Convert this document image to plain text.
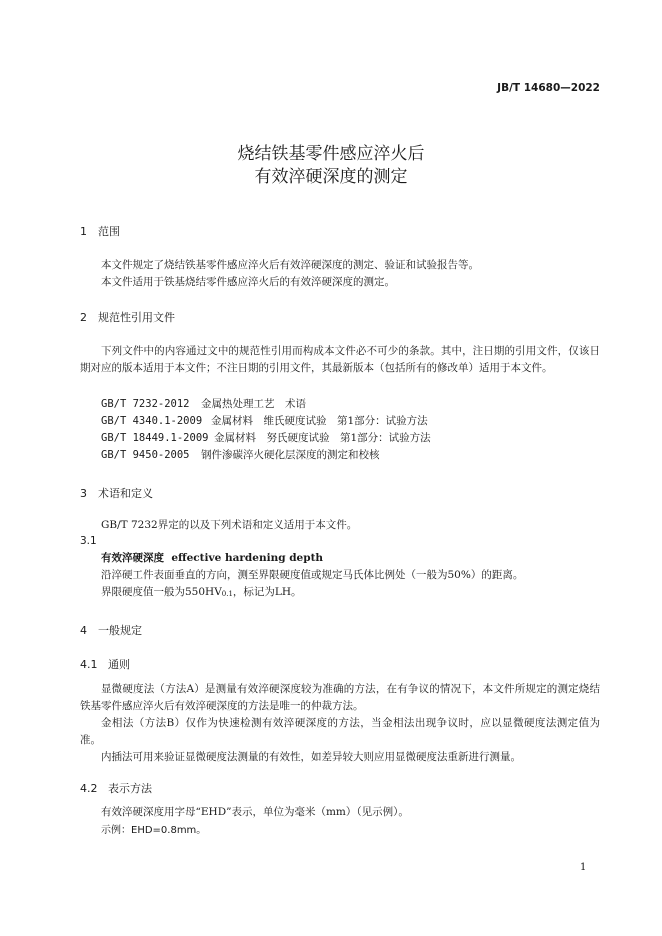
JB/T 14680—2022
烧结铁基零件感应淬火后
有效淬硬深度的测定
1 范围
本文件规定了烧结铁基零件感应淬火后有效淬硬深度的测定、验证和试验报告等。
本文件适用于铁基烧结零件感应淬火后的有效淬硬深度的测定。
2 规范性引用文件
下列文件中的内容通过文中的规范性引用而构成本文件必不可少的条款。其中，注日期的引用文件，仅该日期对应的版本适用于本文件；不注日期的引用文件，其最新版本（包括所有的修改单）适用于本文件。
GB/T 7232-2012 金属热处理工艺　术语
GB/T 4340.1-2009 金属材料　维氏硬度试验　第1部分：试验方法
GB/T 18449.1-2009 金属材料　努氏硬度试验　第1部分：试验方法
GB/T 9450-2005 钢件渗碳淬火硬化层深度的测定和校核
3 术语和定义
GB/T 7232界定的以及下列术语和定义适用于本文件。
3.1
有效淬硬深度 effective hardening depth
沿淬硬工件表面垂直的方向，测至界限硬度值或规定马氏体比例处（一般为50%）的距离。
界限硬度值一般为$550HV_{0.1}$，标记为LH。
4 一般规定
4.1 通则
显微硬度法（方法A）是测量有效淬硬深度较为准确的方法，在有争议的情况下，本文件所规定的测定烧结铁基零件感应淬火后有效淬硬深度的方法是唯一的仲裁方法。
金相法（方法B）仅作为快速检测有效淬硬深度的方法，当金相法出现争议时，应以显微硬度法测定值为准。
内插法可用来验证显微硬度法测量的有效性，如差异较大则应用显微硬度法重新进行测量。
4.2 表示方法
有效淬硬深度用字母“EHD”表示，单位为毫米（mm）（见示例）。
示例：EHD=0.8mm。
1
